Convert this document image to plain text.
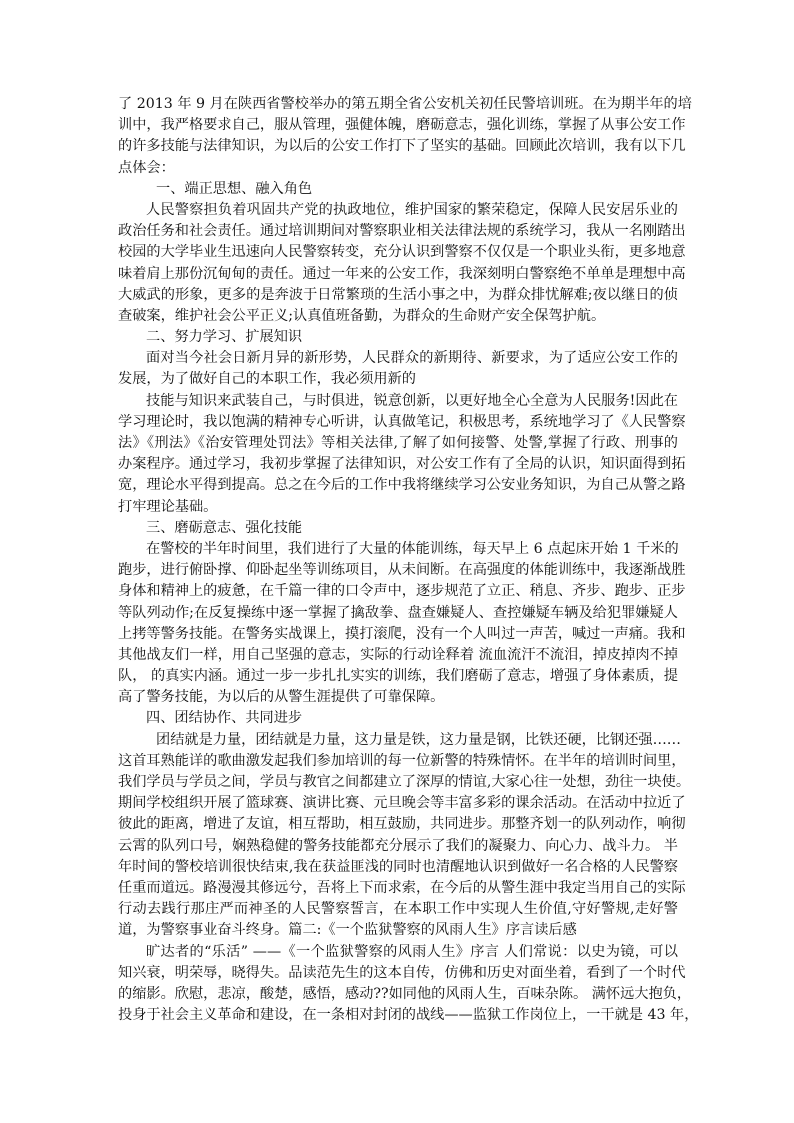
了 2013 年 9 月在陕西省警校举办的第五期全省公安机关初任民警培训班。在为期半年的培
训中，我严格要求自己，服从管理，强健体魄，磨砺意志，强化训练，掌握了从事公安工作
的许多技能与法律知识，为以后的公安工作打下了坚实的基础。回顾此次培训，我有以下几
点体会：
一、端正思想、融入角色
人民警察担负着巩固共产党的执政地位，维护国家的繁荣稳定，保障人民安居乐业的
政治任务和社会责任。通过培训期间对警察职业相关法律法规的系统学习，我从一名刚踏出
校园的大学毕业生迅速向人民警察转变，充分认识到警察不仅仅是一个职业头衔，更多地意
味着肩上那份沉甸甸的责任。通过一年来的公安工作，我深刻明白警察绝不单单是理想中高
大威武的形象，更多的是奔波于日常繁琐的生活小事之中，为群众排忧解难;夜以继日的侦
查破案，维护社会公平正义;认真值班备勤，为群众的生命财产安全保驾护航。
二、努力学习、扩展知识
面对当今社会日新月异的新形势，人民群众的新期待、新要求，为了适应公安工作的
发展，为了做好自己的本职工作，我必须用新的
技能与知识来武装自己，与时俱进，锐意创新，以更好地全心全意为人民服务!因此在
学习理论时，我以饱满的精神专心听讲，认真做笔记，积极思考，系统地学习了《人民警察
法》《刑法》《治安管理处罚法》等相关法律,了解了如何接警、处警,掌握了行政、刑事的
办案程序。通过学习，我初步掌握了法律知识，对公安工作有了全局的认识，知识面得到拓
宽，理论水平得到提高。总之在今后的工作中我将继续学习公安业务知识，为自己从警之路
打牢理论基础。
三、磨砺意志、强化技能
在警校的半年时间里，我们进行了大量的体能训练，每天早上 6 点起床开始 1 千米的
跑步，进行俯卧撑、仰卧起坐等训练项目，从未间断。在高强度的体能训练中，我逐渐战胜
身体和精神上的疲惫，在千篇一律的口令声中，逐步规范了立正、稍息、齐步、跑步、正步
等队列动作;在反复操练中逐一掌握了擒敌拳、盘查嫌疑人、查控嫌疑车辆及给犯罪嫌疑人
上拷等警务技能。在警务实战课上，摸打滚爬，没有一个人叫过一声苦，喊过一声痛。我和
其他战友们一样，用自己坚强的意志，实际的行动诠释着 流血流汗不流泪，掉皮掉肉不掉
队， 的真实内涵。通过一步一步扎扎实实的训练，我们磨砺了意志，增强了身体素质，提
高了警务技能，为以后的从警生涯提供了可靠保障。
四、团结协作、共同进步
团结就是力量，团结就是力量，这力量是铁，这力量是钢，比铁还硬，比钢还强……
这首耳熟能详的歌曲激发起我们参加培训的每一位新警的特殊情怀。在半年的培训时间里，
我们学员与学员之间，学员与教官之间都建立了深厚的情谊,大家心往一处想，劲往一块使。
期间学校组织开展了篮球赛、演讲比赛、元旦晚会等丰富多彩的课余活动。在活动中拉近了
彼此的距离，增进了友谊，相互帮助，相互鼓励，共同进步。那整齐划一的队列动作，响彻
云霄的队列口号，娴熟稳健的警务技能都充分展示了我们的凝聚力、向心力、战斗力。 半
年时间的警校培训很快结束,我在获益匪浅的同时也清醒地认识到做好一名合格的人民警察
任重而道远。路漫漫其修远兮，吾将上下而求索，在今后的从警生涯中我定当用自己的实际
行动去践行那庄严而神圣的人民警察誓言，在本职工作中实现人生价值,守好警规,走好警
道，为警察事业奋斗终身。篇二:《一个监狱警察的风雨人生》序言读后感
旷达者的“乐活” ——《一个监狱警察的风雨人生》序言 人们常说：以史为镜，可以
知兴衰，明荣辱，晓得失。品读范先生的这本自传，仿佛和历史对面坐着，看到了一个时代
的缩影。欣慰，悲凉，酸楚，感悟，感动??如同他的风雨人生，百味杂陈。 满怀远大抱负，
投身于社会主义革命和建设，在一条相对封闭的战线——监狱工作岗位上，一干就是 43 年，
